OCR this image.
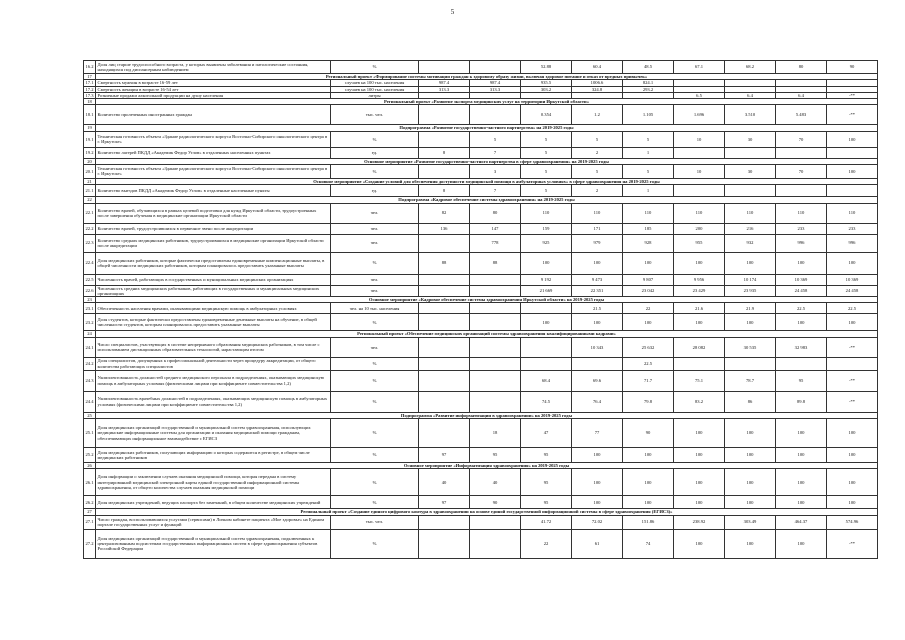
5
16.2	Доля лиц старше трудоспособного возраста, у которых выявлены заболевания и патологические состояния, находящихся под диспансерным наблюдением	%			52.88	60.4	48.5	67.1	68.2	80	90	
17	Региональный проект «Формирование системы мотивации граждан к здоровому образу жизни, включая здоровое питание и отказ от вредных привычек»											
17.1	Смертность мужчин в возрасте 16-59 лет	случаев на 100 тыс. населения	987.4	987.4	935.5	1006.6	824.1					
17.2	Смертность женщин в возрасте 16-54 лет	случаев на 100 тыс. населения	313.3	313.3	303.2	324.8	293.2					
17.3	Розничные продажи алкогольной продукции на душу населения	литры						6.5	6.4	6.4	-**	
18	Региональный проект «Развитие экспорта медицинских услуг на территории Иркутской области»											
18.1	Количество пролеченных иностранных граждан	тыс. чел.			0.354	1.2	1.105	1.696	3.510	5.483	-**	
19	Подпрограмма «Развитие государственно-частного партнерства» на 2019-2025 годы											
19.1	Техническая готовность объекта «Здание радиологического корпуса Восточно-Сибирского онкологического центра в г. Иркутске»	%		5	5	5	5	10	30	70	100	
19.2	Количество лагерей ПКДД «Академик Федор Углов» в отдаленных населенных пунктах	ед.	8	7	5	2	1					
20	Основное мероприятие «Развитие государственно-частного партнерства в сфере здравоохранения» на 2019-2025 годы											
20.1	Техническая готовность объекта «Здание радиологического корпуса Восточно-Сибирского онкологического центра в г. Иркутске»	%		3	5	5	5	10	30	70	100	
21	Основное мероприятие «Создание условий для обеспечения доступности медицинской помощи в амбулаторных условиях» в сфере здравоохранения на 2019-2025 годы											
21.1	Количество выездов ПКДД «Академик Федор Углов» в отдаленные населенные пункты	ед.	8	7	5	2	1					
22	Подпрограмма «Кадровое обеспечение системы здравоохранения» на 2019-2025 годы											
22.1	Количество врачей, обучающихся в рамках целевой подготовки для нужд Иркутской области, трудоустроенных после завершения обучения в медицинские организации Иркутской области	чел.	82	80	110	110	110	110	110	110	110	
22.2	Количество врачей, трудоустроившихся в первичное звено после аккредитации	чел.	136	147	159	171	185	200	216	233	233	
22.3	Количество средних медицинских работников, трудоустроившихся в медицинские организации Иркутской области после аккредитации	чел.		778	925	979	928	955	932	996	996	
22.4	Доля медицинских работников, которые фактически предоставлены единовременные компенсационные выплаты, в общей численности медицинских работников, которым планировалось предоставить указанные выплаты	%	88	88	100	100	100	100	100	100	100	
22.5	Численность врачей, работающих в государственных и муниципальных медицинских организациях	чел.			9 192	9 473	9 807	9 956	10 174	10 369	10 369	
22.6	Численность средних медицинских работников, работающих в государственных и муниципальных медицинских организациях	чел.			21 669	22 351	23 042	23 429	23 935	24 458	24 458	
23	Основное мероприятие «Кадровое обеспечение системы здравоохранения Иркутской области» на 2019-2025 годы											
23.1	Обеспеченность населения врачами, оказывающими медицинскую помощь в амбулаторных условиях	чел. на 10 тыс. населения				21.5	22	21.6	21.9	22.5	22.5	
23.2	Доля студентов, которые фактически предоставлены единовременные денежные выплаты на обучение, в общей численности студентов, которым планировалось предоставить указанные выплаты	%			100	100	100	100	100	100	100	
24	Региональный проект «Обеспечение медицинских организаций системы здравоохранения квалифицированными кадрами»											
24.1	Число специалистов, участвующих в системе непрерывного образования медицинских работников, в том числе с использованием дистанционных образовательных технологий, нарастающим итогом	чел.				10 343	25 632	28 082	30 535	32 983	-**	
24.2	Доля специалистов, допущенных к профессиональной деятельности через процедуру аккредитации, от общего количества работающих специалистов	%					22.5					
24.3	Укомплектованность должностей среднего медицинского персонала в подразделениях, оказывающих медицинскую помощь в амбулаторных условиях (физическими лицами при коэффициенте совместительства 1,2)	%			68.4	69.6	71.7	75.1	78.7	95	-**	
24.4	Укомплектованность врачебных должностей в подразделениях, оказывающих медицинскую помощь в амбулаторных условиях (физическими лицами при коэффициенте совместительства 1,2)	%			74.5	76.4	79.8	83.2	86	89.8	-**	
25	Подпрограмма «Развитие информатизации в здравоохранении» на 2019-2025 годы											
25.1	Доля медицинских организаций государственной и муниципальной систем здравоохранения, использующих медицинские информационные системы для организации и оказания медицинской помощи гражданам, обеспечивающих информационное взаимодействие с ЕГИСЗ	%		18	47	77	90	100	100	100	100	
25.2	Доля медицинских работников, получающих информацию о которых содержится в регистре, в общем числе медицинских работников	%	97	95	95	100	100	100	100	100	100	
26	Основное мероприятие «Информатизация здравоохранения» на 2019-2025 годы											
26.1	Доля информации о заключении случаев оказания медицинской помощи, которая передана в систему интегрированной медицинской электронной карты единой государственной информационной системы здравоохранения, от общего количества случаев оказания медицинской помощи	%	40	40	95	100	100	100	100	100	100	
26.2	Доля медицинских учреждений, ведущих паспорта без замечаний, в общем количестве медицинских учреждений	%	97	90	95	100	100	100	100	100	100	
27	Региональный проект «Создание единого цифрового контура в здравоохранении на основе единой государственной информационной системы в сфере здравоохранения (ЕГИСЗ)»											
27.1	Число граждан, воспользовавшихся услугами (сервисами) в Личном кабинете пациента «Мое здоровье» на Едином портале государственных услуг и функций	тыс. чел.			41.72	72.02	151.86	238.92	303.49	464.37	574.96	
27.2	Доля медицинских организаций государственной и муниципальной систем здравоохранения, подключенных к централизованным подсистемам государственных информационных систем в сфере здравоохранения субъектов Российской Федерации	%			22	61	74	100	100	100	-**	
